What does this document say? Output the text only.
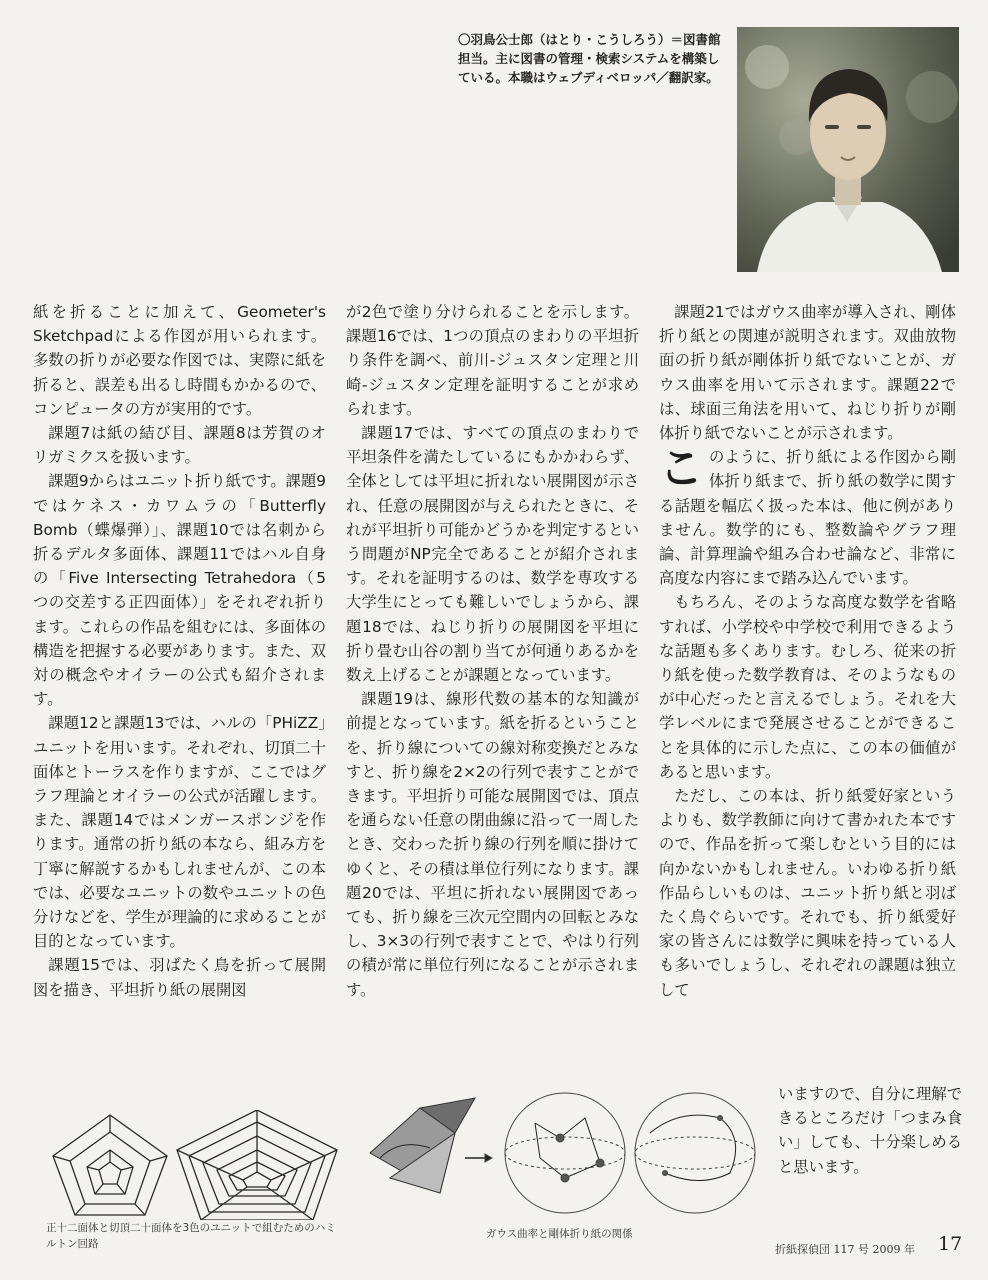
〇羽鳥公士郎（はとり・こうしろう）＝図書館担当。主に図書の管理・検索システムを構築している。本職はウェブディベロッパ／翻訳家。

紙を折ることに加えて、Geometer's Sketchpadによる作図が用いられます。多数の折りが必要な作図では、実際に紙を折ると、誤差も出るし時間もかかるので、コンピュータの方が実用的です。

課題7は紙の結び目、課題8は芳賀のオリガミクスを扱います。

課題9からはユニット折り紙です。課題9ではケネス・カワムラの「Butterfly Bomb（蝶爆弾）」、課題10では名刺から折るデルタ多面体、課題11ではハル自身の「Five Intersecting Tetrahedora（5つの交差する正四面体）」をそれぞれ折ります。これらの作品を組むには、多面体の構造を把握する必要があります。また、双対の概念やオイラーの公式も紹介されます。

課題12と課題13では、ハルの「PHiZZ」ユニットを用います。それぞれ、切頂二十面体とトーラスを作りますが、ここではグラフ理論とオイラーの公式が活躍します。また、課題14ではメンガースポンジを作ります。通常の折り紙の本なら、組み方を丁寧に解説するかもしれませんが、この本では、必要なユニットの数やユニットの色分けなどを、学生が理論的に求めることが目的となっています。

課題15では、羽ばたく鳥を折って展開図を描き、平坦折り紙の展開図

が2色で塗り分けられることを示します。課題16では、1つの頂点のまわりの平坦折り条件を調べ、前川-ジュスタン定理と川崎-ジュスタン定理を証明することが求められます。

課題17では、すべての頂点のまわりで平坦条件を満たしているにもかかわらず、全体としては平坦に折れない展開図が示され、任意の展開図が与えられたときに、それが平坦折り可能かどうかを判定するという問題がNP完全であることが紹介されます。それを証明するのは、数学を専攻する大学生にとっても難しいでしょうから、課題18では、ねじり折りの展開図を平坦に折り畳む山谷の割り当てが何通りあるかを数え上げることが課題となっています。

課題19は、線形代数の基本的な知識が前提となっています。紙を折るということを、折り線についての線対称変換だとみなすと、折り線を2×2の行列で表すことができます。平坦折り可能な展開図では、頂点を通らない任意の閉曲線に沿って一周したとき、交わった折り線の行列を順に掛けてゆくと、その積は単位行列になります。課題20では、平坦に折れない展開図であっても、折り線を三次元空間内の回転とみなし、3×3の行列で表すことで、やはり行列の積が常に単位行列になることが示されます。

課題21ではガウス曲率が導入され、剛体折り紙との関連が説明されます。双曲放物面の折り紙が剛体折り紙でないことが、ガウス曲率を用いて示されます。課題22では、球面三角法を用いて、ねじり折りが剛体折り紙でないことが示されます。

このように、折り紙による作図から剛体折り紙まで、折り紙の数学に関する話題を幅広く扱った本は、他に例がありません。数学的にも、整数論やグラフ理論、計算理論や組み合わせ論など、非常に高度な内容にまで踏み込んでいます。

もちろん、そのような高度な数学を省略すれば、小学校や中学校で利用できるような話題も多くあります。むしろ、従来の折り紙を使った数学教育は、そのようなものが中心だったと言えるでしょう。それを大学レベルにまで発展させることができることを具体的に示した点に、この本の価値があると思います。

ただし、この本は、折り紙愛好家というよりも、数学教師に向けて書かれた本ですので、作品を折って楽しむという目的には向かないかもしれません。いわゆる折り紙作品らしいものは、ユニット折り紙と羽ばたく鳥ぐらいです。それでも、折り紙愛好家の皆さんには数学に興味を持っている人も多いでしょうし、それぞれの課題は独立して

いますので、自分に理解できるところだけ「つまみ食い」しても、十分楽しめると思います。
正十二面体と切頂二十面体を3色のユニットで組むためのハミルトン回路
ガウス曲率と剛体折り紙の関係
折紙探偵団 117 号 2009 年 17
